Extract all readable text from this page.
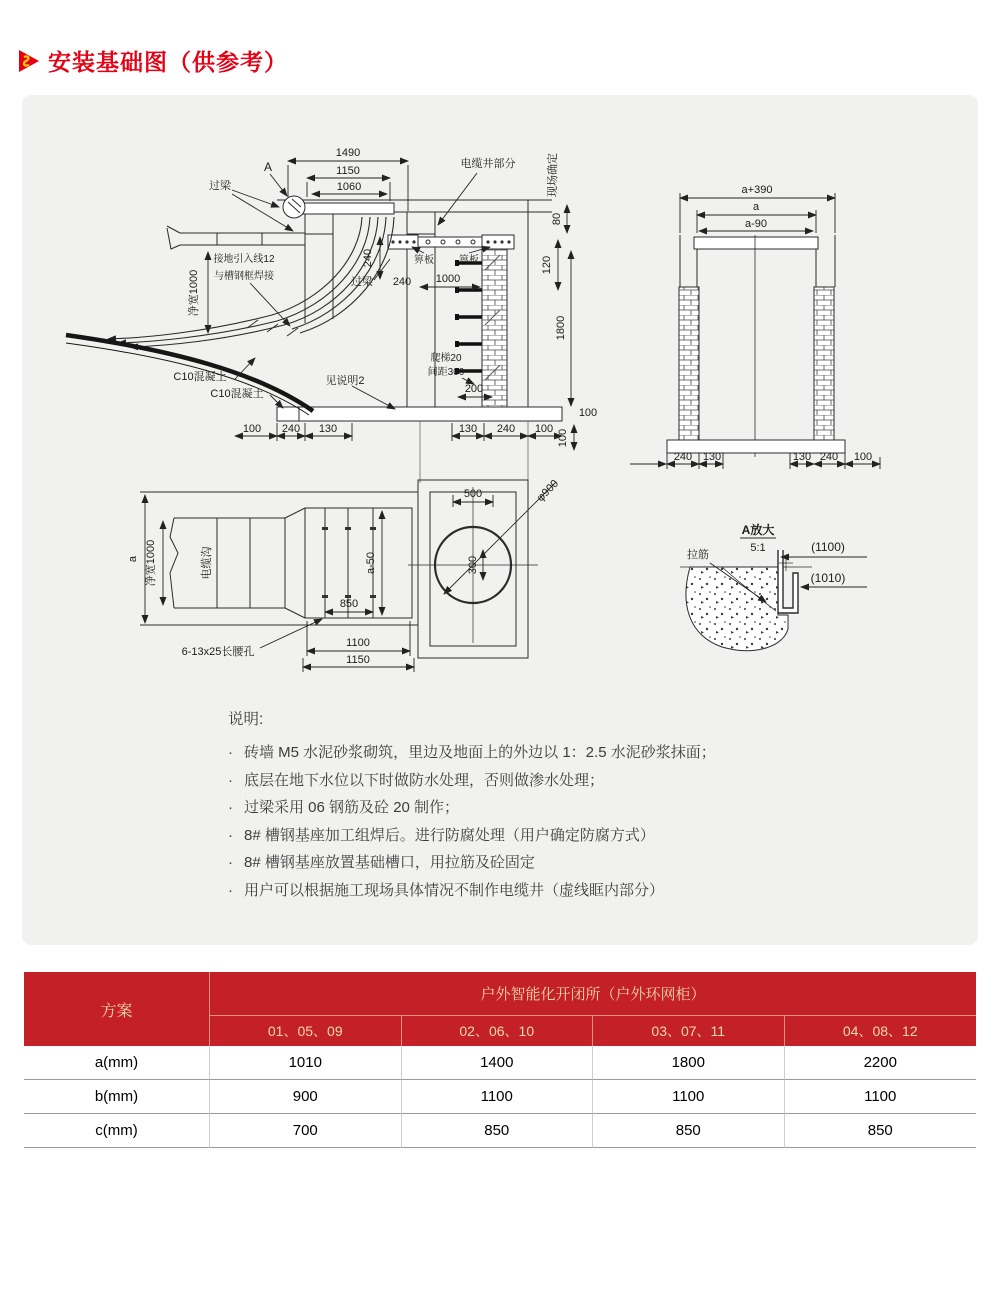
安装基础图（供参考）
1490
1150
1060
A
过梁
电缆井部分	现场确定
80
120
1800
100
100
接地引入线12
与槽钢框焊接
净宽1000
240
过梁 240 1000
箅板	箅板
C10混凝土
C10混凝土
见说明2
爬梯20
间距300
200
100 240 130	130 240 100
a+390
a
a-90
240 130	130 240 100
a 净宽1000	电缆沟	a-50
850
1100
1150
6-13x25长腰孔
500
300
φ900
A放大
5:1
拉筋
(1100)
(1010)
说明:
· 砖墙 M5 水泥砂浆砌筑，里边及地面上的外边以 1：2.5 水泥砂浆抹面；
· 底层在地下水位以下时做防水处理，否则做渗水处理；
· 过梁采用 06 钢筋及砼 20 制作；
· 8# 槽钢基座加工组焊后。进行防腐处理（用户确定防腐方式）
· 8# 槽钢基座放置基础槽口，用拉筋及砼固定
· 用户可以根据施工现场具体情况不制作电缆井（虚线眶内部分）
方案
户外智能化开闭所（户外环网柜）
01、05、09	02、06、10	03、07、11	04、08、12
a(mm)	1010	1400	1800	2200
b(mm)	900	1100	1100	1100
c(mm)	700	850	850	850
